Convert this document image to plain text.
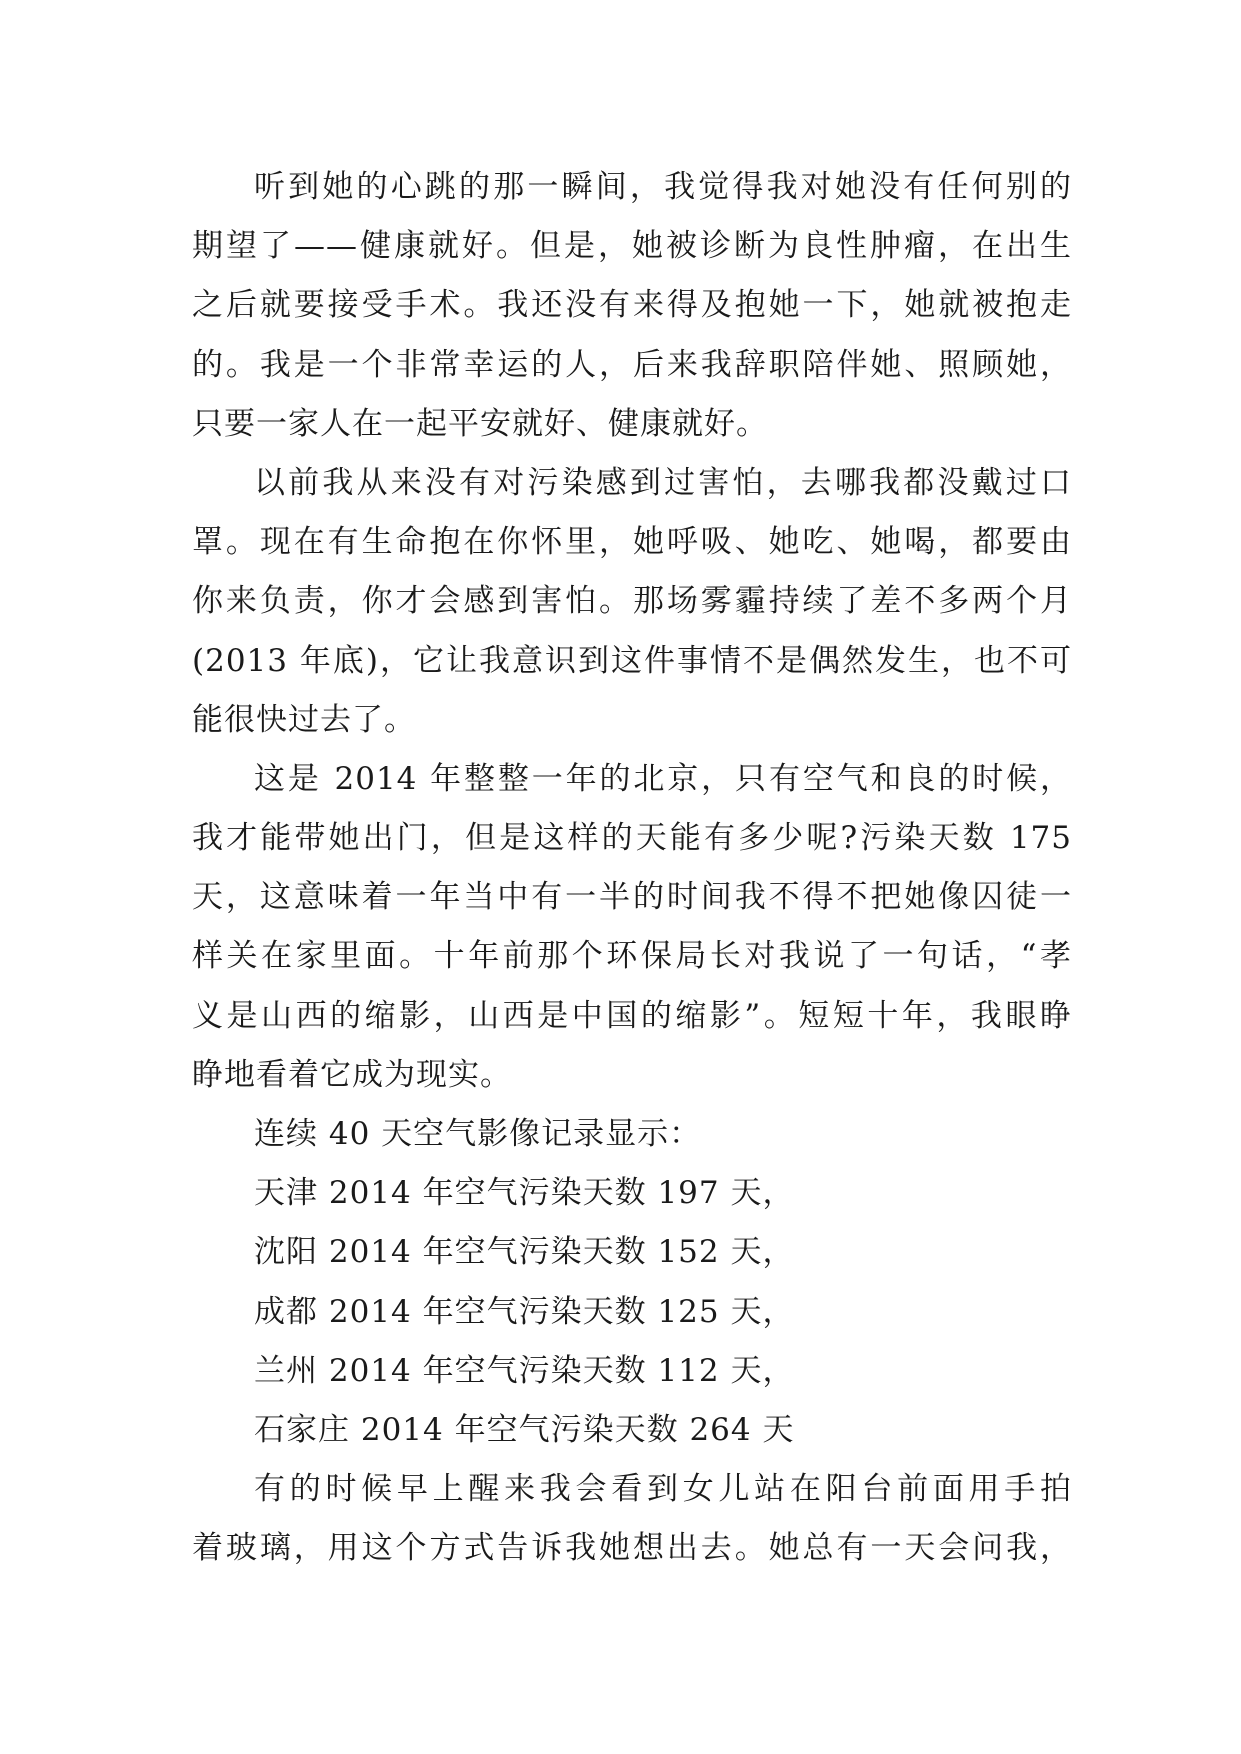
听到她的心跳的那一瞬间，我觉得我对她没有任何别的
期望了——健康就好。但是，她被诊断为良性肿瘤，在出生
之后就要接受手术。我还没有来得及抱她一下，她就被抱走
的。我是一个非常幸运的人，后来我辞职陪伴她、照顾她，
只要一家人在一起平安就好、健康就好。
以前我从来没有对污染感到过害怕，去哪我都没戴过口
罩。现在有生命抱在你怀里，她呼吸、她吃、她喝，都要由
你来负责，你才会感到害怕。那场雾霾持续了差不多两个月
(2013 年底)，它让我意识到这件事情不是偶然发生，也不可
能很快过去了。
这是 2014 年整整一年的北京，只有空气和良的时候，
我才能带她出门，但是这样的天能有多少呢?污染天数 175
天，这意味着一年当中有一半的时间我不得不把她像囚徒一
样关在家里面。十年前那个环保局长对我说了一句话，“孝
义是山西的缩影，山西是中国的缩影”。短短十年，我眼睁
睁地看着它成为现实。
连续 40 天空气影像记录显示：
天津 2014 年空气污染天数 197 天，
沈阳 2014 年空气污染天数 152 天，
成都 2014 年空气污染天数 125 天，
兰州 2014 年空气污染天数 112 天，
石家庄 2014 年空气污染天数 264 天
有的时候早上醒来我会看到女儿站在阳台前面用手拍
着玻璃，用这个方式告诉我她想出去。她总有一天会问我，
